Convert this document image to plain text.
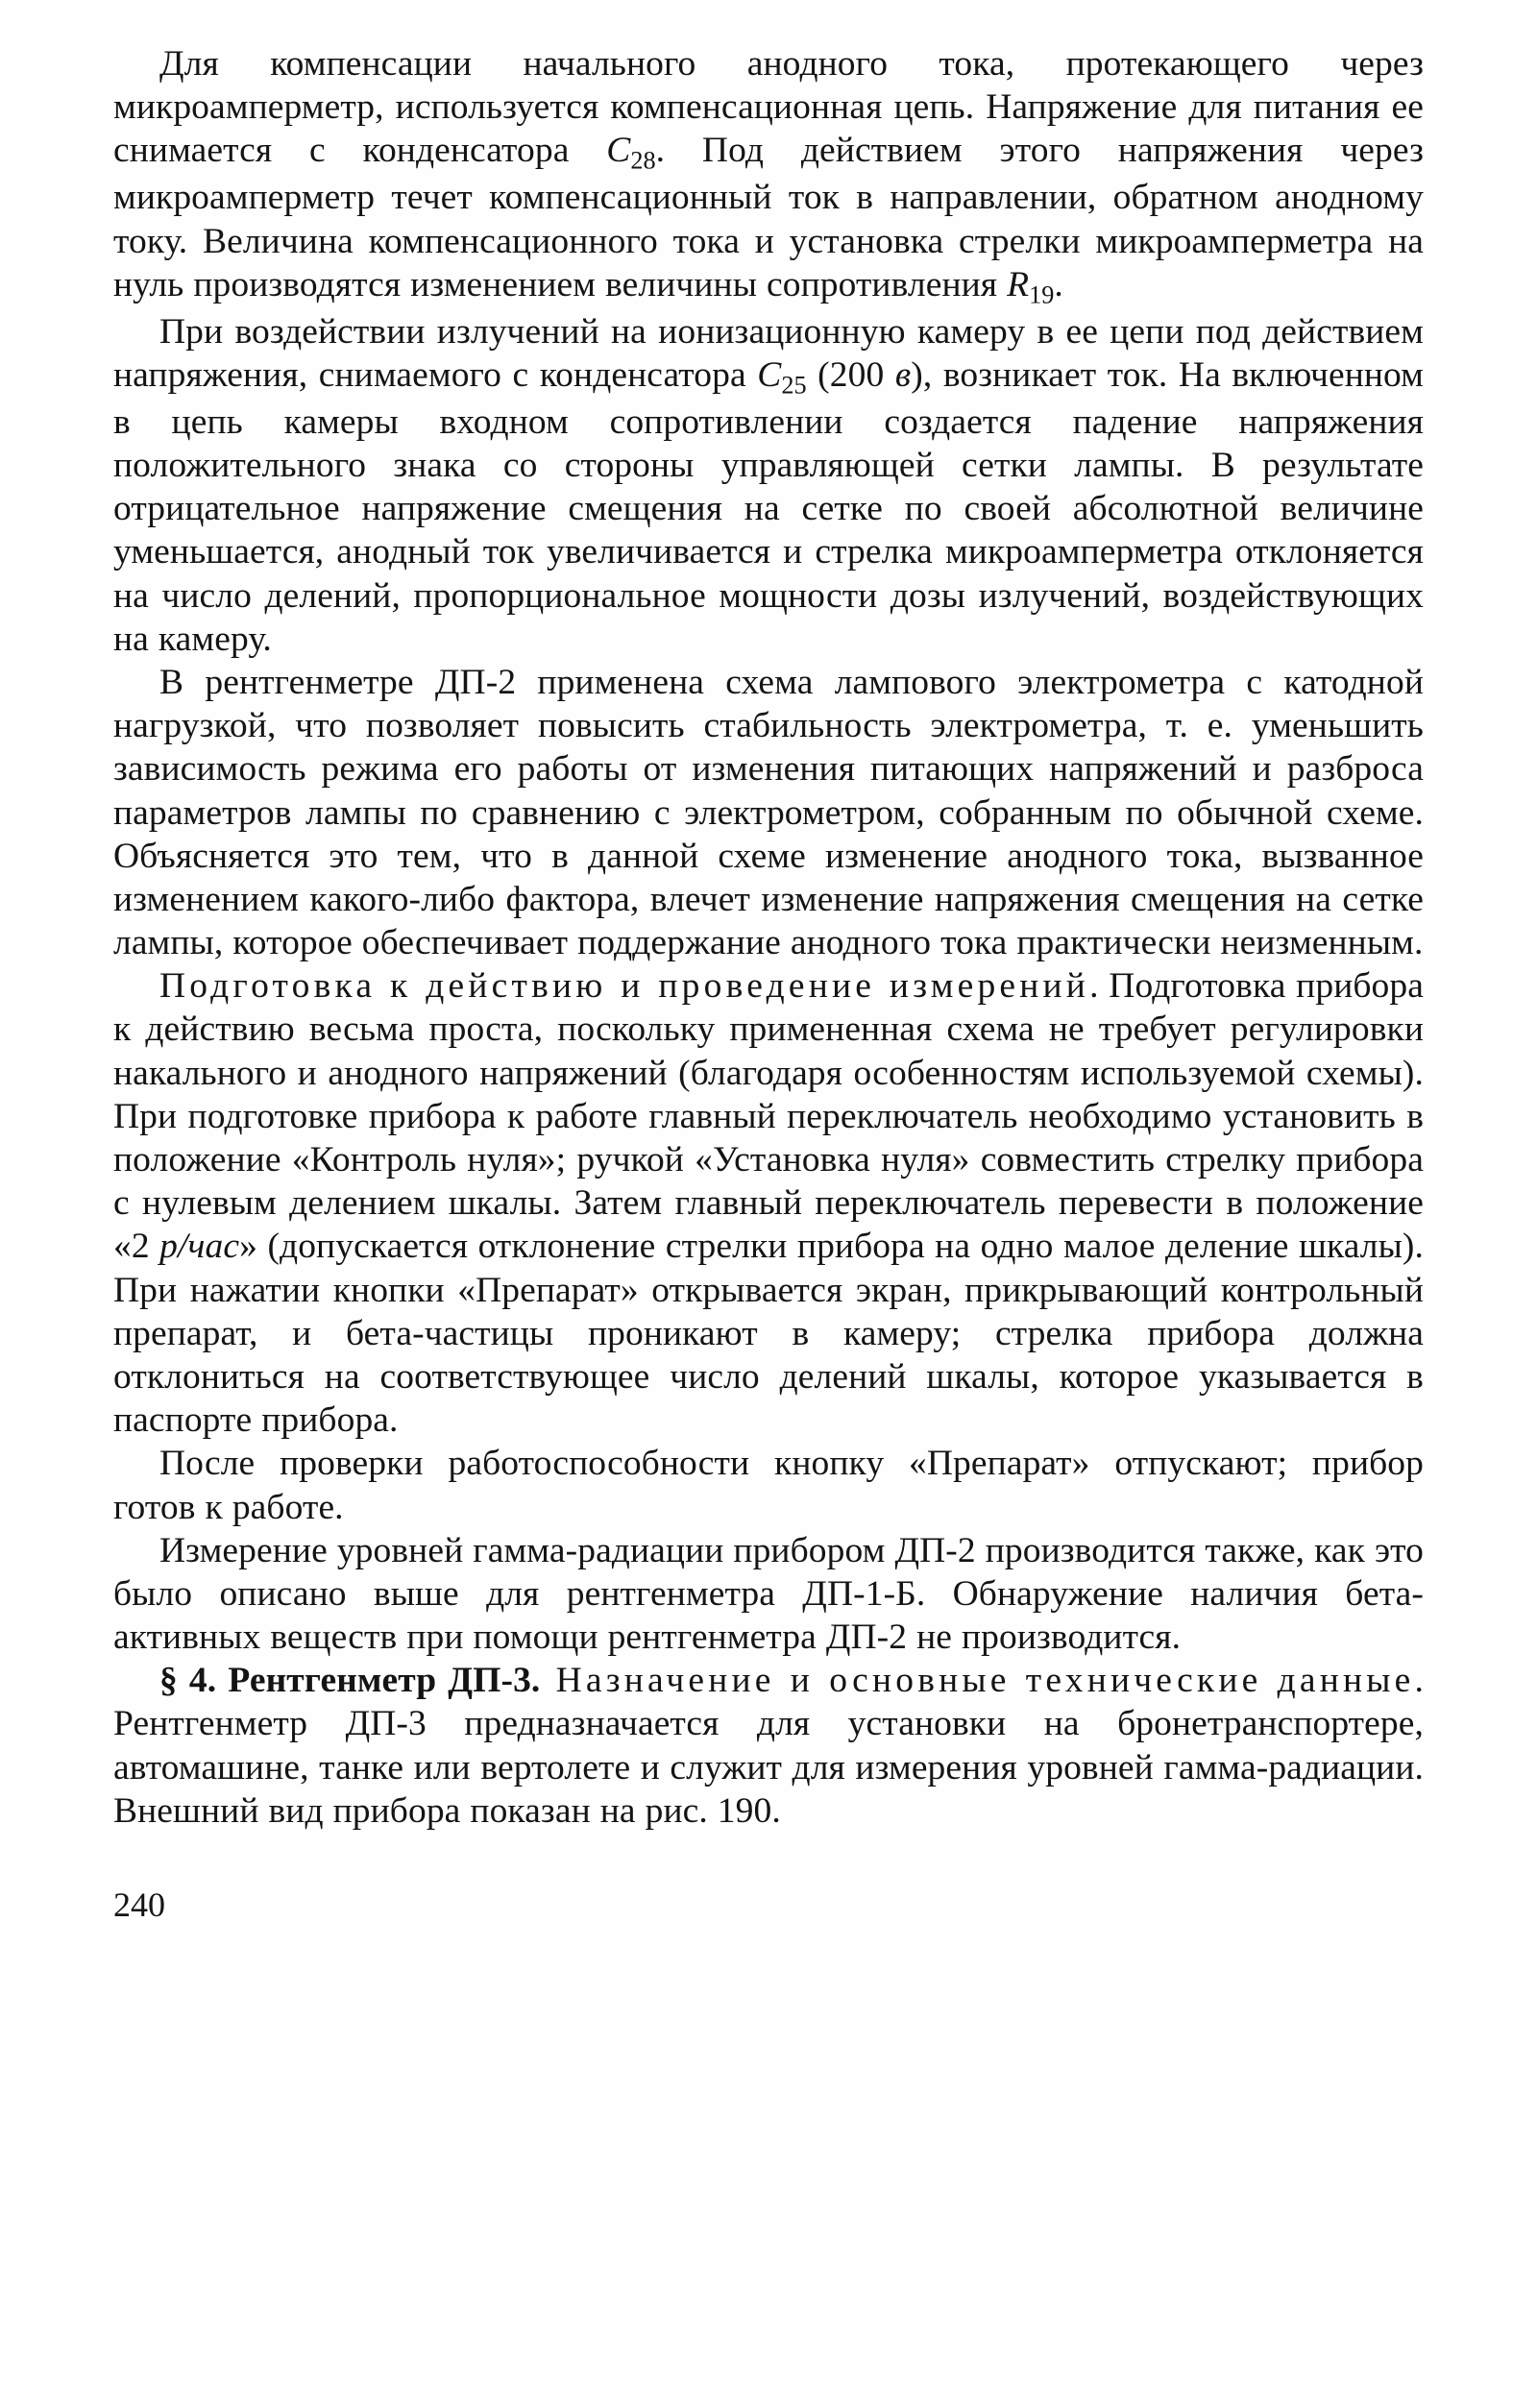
Для компенсации начального анодного тока, протекающего через микроамперметр, используется компенсационная цепь. Напряжение для питания ее снимается с конденсатора $C_{28}$. Под действием этого напряжения через микроамперметр течет компенсационный ток в направлении, обратном анодному току. Величина компенсационного тока и установка стрелки микроамперметра на нуль производятся изменением величины сопротивления $R_{19}$.

При воздействии излучений на ионизационную камеру в ее цепи под действием напряжения, снимаемого с конденсатора $C_{25}$ (200 в), возникает ток. На включенном в цепь камеры входном сопротивлении создается падение напряжения положительного знака со стороны управляющей сетки лампы. В результате отрицательное напряжение смещения на сетке по своей абсолютной величине уменьшается, анодный ток увеличивается и стрелка микроамперметра отклоняется на число делений, пропорциональное мощности дозы излучений, воздействующих на камеру.

В рентгенметре ДП-2 применена схема лампового электрометра с катодной нагрузкой, что позволяет повысить стабильность электрометра, т. е. уменьшить зависимость режима его работы от изменения питающих напряжений и разброса параметров лампы по сравнению с электрометром, собранным по обычной схеме. Объясняется это тем, что в данной схеме изменение анодного тока, вызванное изменением какого-либо фактора, влечет изменение напряжения смещения на сетке лампы, которое обеспечивает поддержание анодного тока практически неизменным.

Подготовка к действию и проведение измерений. Подготовка прибора к действию весьма проста, поскольку примененная схема не требует регулировки накального и анодного напряжений (благодаря особенностям используемой схемы). При подготовке прибора к работе главный переключатель необходимо установить в положение «Контроль нуля»; ручкой «Установка нуля» совместить стрелку прибора с нулевым делением шкалы. Затем главный переключатель перевести в положение «2 р/час» (допускается отклонение стрелки прибора на одно малое деление шкалы). При нажатии кнопки «Препарат» открывается экран, прикрывающий контрольный препарат, и бета-частицы проникают в камеру; стрелка прибора должна отклониться на соответствующее число делений шкалы, которое указывается в паспорте прибора.

После проверки работоспособности кнопку «Препарат» отпускают; прибор готов к работе.

Измерение уровней гамма-радиации прибором ДП-2 производится также, как это было описано выше для рентгенметра ДП-1-Б. Обнаружение наличия бета-активных веществ при помощи рентгенметра ДП-2 не производится.

§ 4. Рентгенметр ДП-3. Назначение и основные технические данные. Рентгенметр ДП-3 предназначается для установки на бронетранспортере, автомашине, танке или вертолете и служит для измерения уровней гамма-радиации. Внешний вид прибора показан на рис. 190.

240
